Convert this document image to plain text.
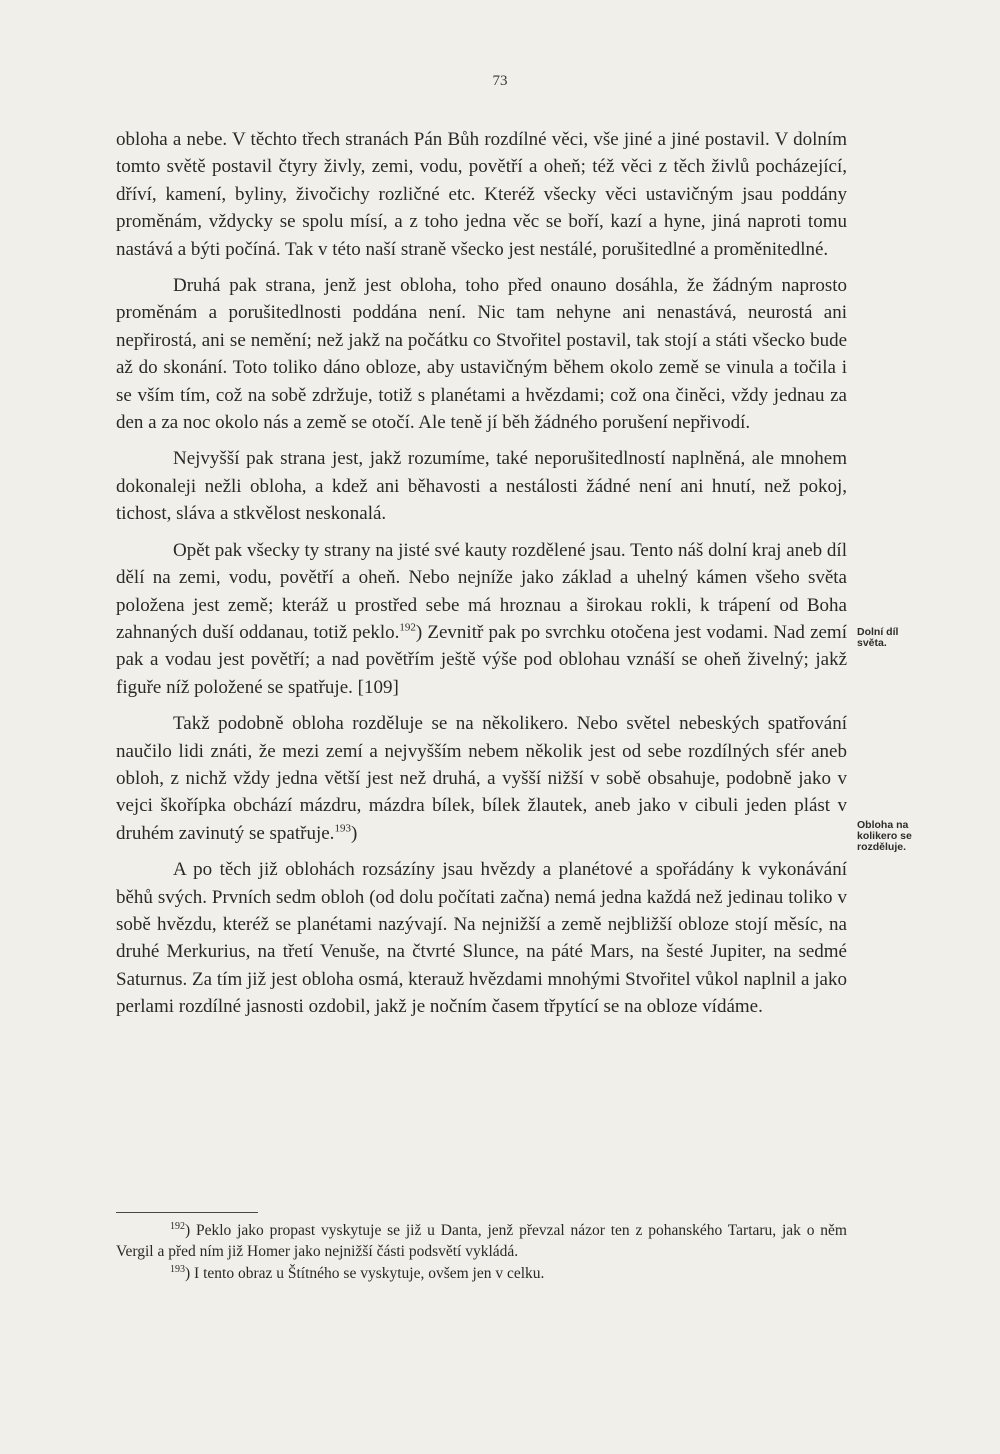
73

obloha a nebe. V těchto třech stranách Pán Bůh rozdílné věci, vše jiné a jiné postavil. V dolním tomto světě postavil čtyry živly, zemi, vodu, povětří a oheň; též věci z těch živlů pocházející, dříví, kamení, byliny, živočichy rozličné etc. Kteréž všecky věci ustavičným jsau poddány proměnám, vždycky se spolu mísí, a z toho jedna věc se boří, kazí a hyne, jiná naproti tomu nastává a býti počíná. Tak v této naší straně všecko jest nestálé, porušitedlné a proměnitedlné.

Druhá pak strana, jenž jest obloha, toho před onauno dosáhla, že žádným naprosto proměnám a porušitedlnosti poddána není. Nic tam nehyne ani nenastává, neurostá ani nepřirostá, ani se nemění; než jakž na počátku co Stvořitel postavil, tak stojí a státi všecko bude až do skonání. Toto toliko dáno obloze, aby ustavičným během okolo země se vinula a točila i se vším tím, což na sobě zdržuje, totiž s planétami a hvězdami; což ona činěci, vždy jednau za den a za noc okolo nás a země se otočí. Ale teně jí běh žádného porušení nepřivodí.

Nejvyšší pak strana jest, jakž rozumíme, také neporušitedlností naplněná, ale mnohem dokonaleji nežli obloha, a kdež ani běhavosti a nestálosti žádné není ani hnutí, než pokoj, tichost, sláva a stkvělost neskonalá.

Opět pak všecky ty strany na jisté své kauty rozdělené jsau. Tento náš dolní kraj aneb díl dělí na zemi, vodu, povětří a oheň. Nebo nejníže jako základ a uhelný kámen všeho světa položena jest země; kteráž u prostřed sebe má hroznau a širokau rokli, k trápení od Boha zahnaných duší oddanau, totiž peklo.$^{192}$) Zevnitř pak po svrchku otočena jest vodami. Nad zemí pak a vodau jest povětří; a nad povětřím ještě výše pod oblohau vznáší se oheň živelný; jakž figuře níž položené se spatřuje. [109]

Takž podobně obloha rozděluje se na několikero. Nebo světel nebeských spatřování naučilo lidi znáti, že mezi zemí a nejvyšším nebem několik jest od sebe rozdílných sfér aneb obloh, z nichž vždy jedna větší jest než druhá, a vyšší nižší v sobě obsahuje, podobně jako v vejci škořípka obchází mázdru, mázdra bílek, bílek žlautek, aneb jako v cibuli jeden plást v druhém zavinutý se spatřuje.$^{193}$)

A po těch již oblohách rozsázíny jsau hvězdy a planétové a spořádány k vykonávání běhů svých. Prvních sedm obloh (od dolu počítati začna) nemá jedna každá než jedinau toliko v sobě hvězdu, kteréž se planétami nazývají. Na nejnižší a země nejbližší obloze stojí měsíc, na druhé Merkurius, na třetí Venuše, na čtvrté Slunce, na páté Mars, na šesté Jupiter, na sedmé Saturnus. Za tím již jest obloha osmá, kterauž hvězdami mnohými Stvořitel vůkol naplnil a jako perlami rozdílné jasnosti ozdobil, jakž je nočním časem třpytící se na obloze vídáme.

Dolní díl
světa.
Obloha na
kolikero se
rozděluje.

$^{192}$) Peklo jako propast vyskytuje se již u Danta, jenž převzal názor ten z pohanského Tartaru, jak o něm Vergil a před ním již Homer jako nejnižší části podsvětí vykládá.

$^{193}$) I tento obraz u Štítného se vyskytuje, ovšem jen v celku.
